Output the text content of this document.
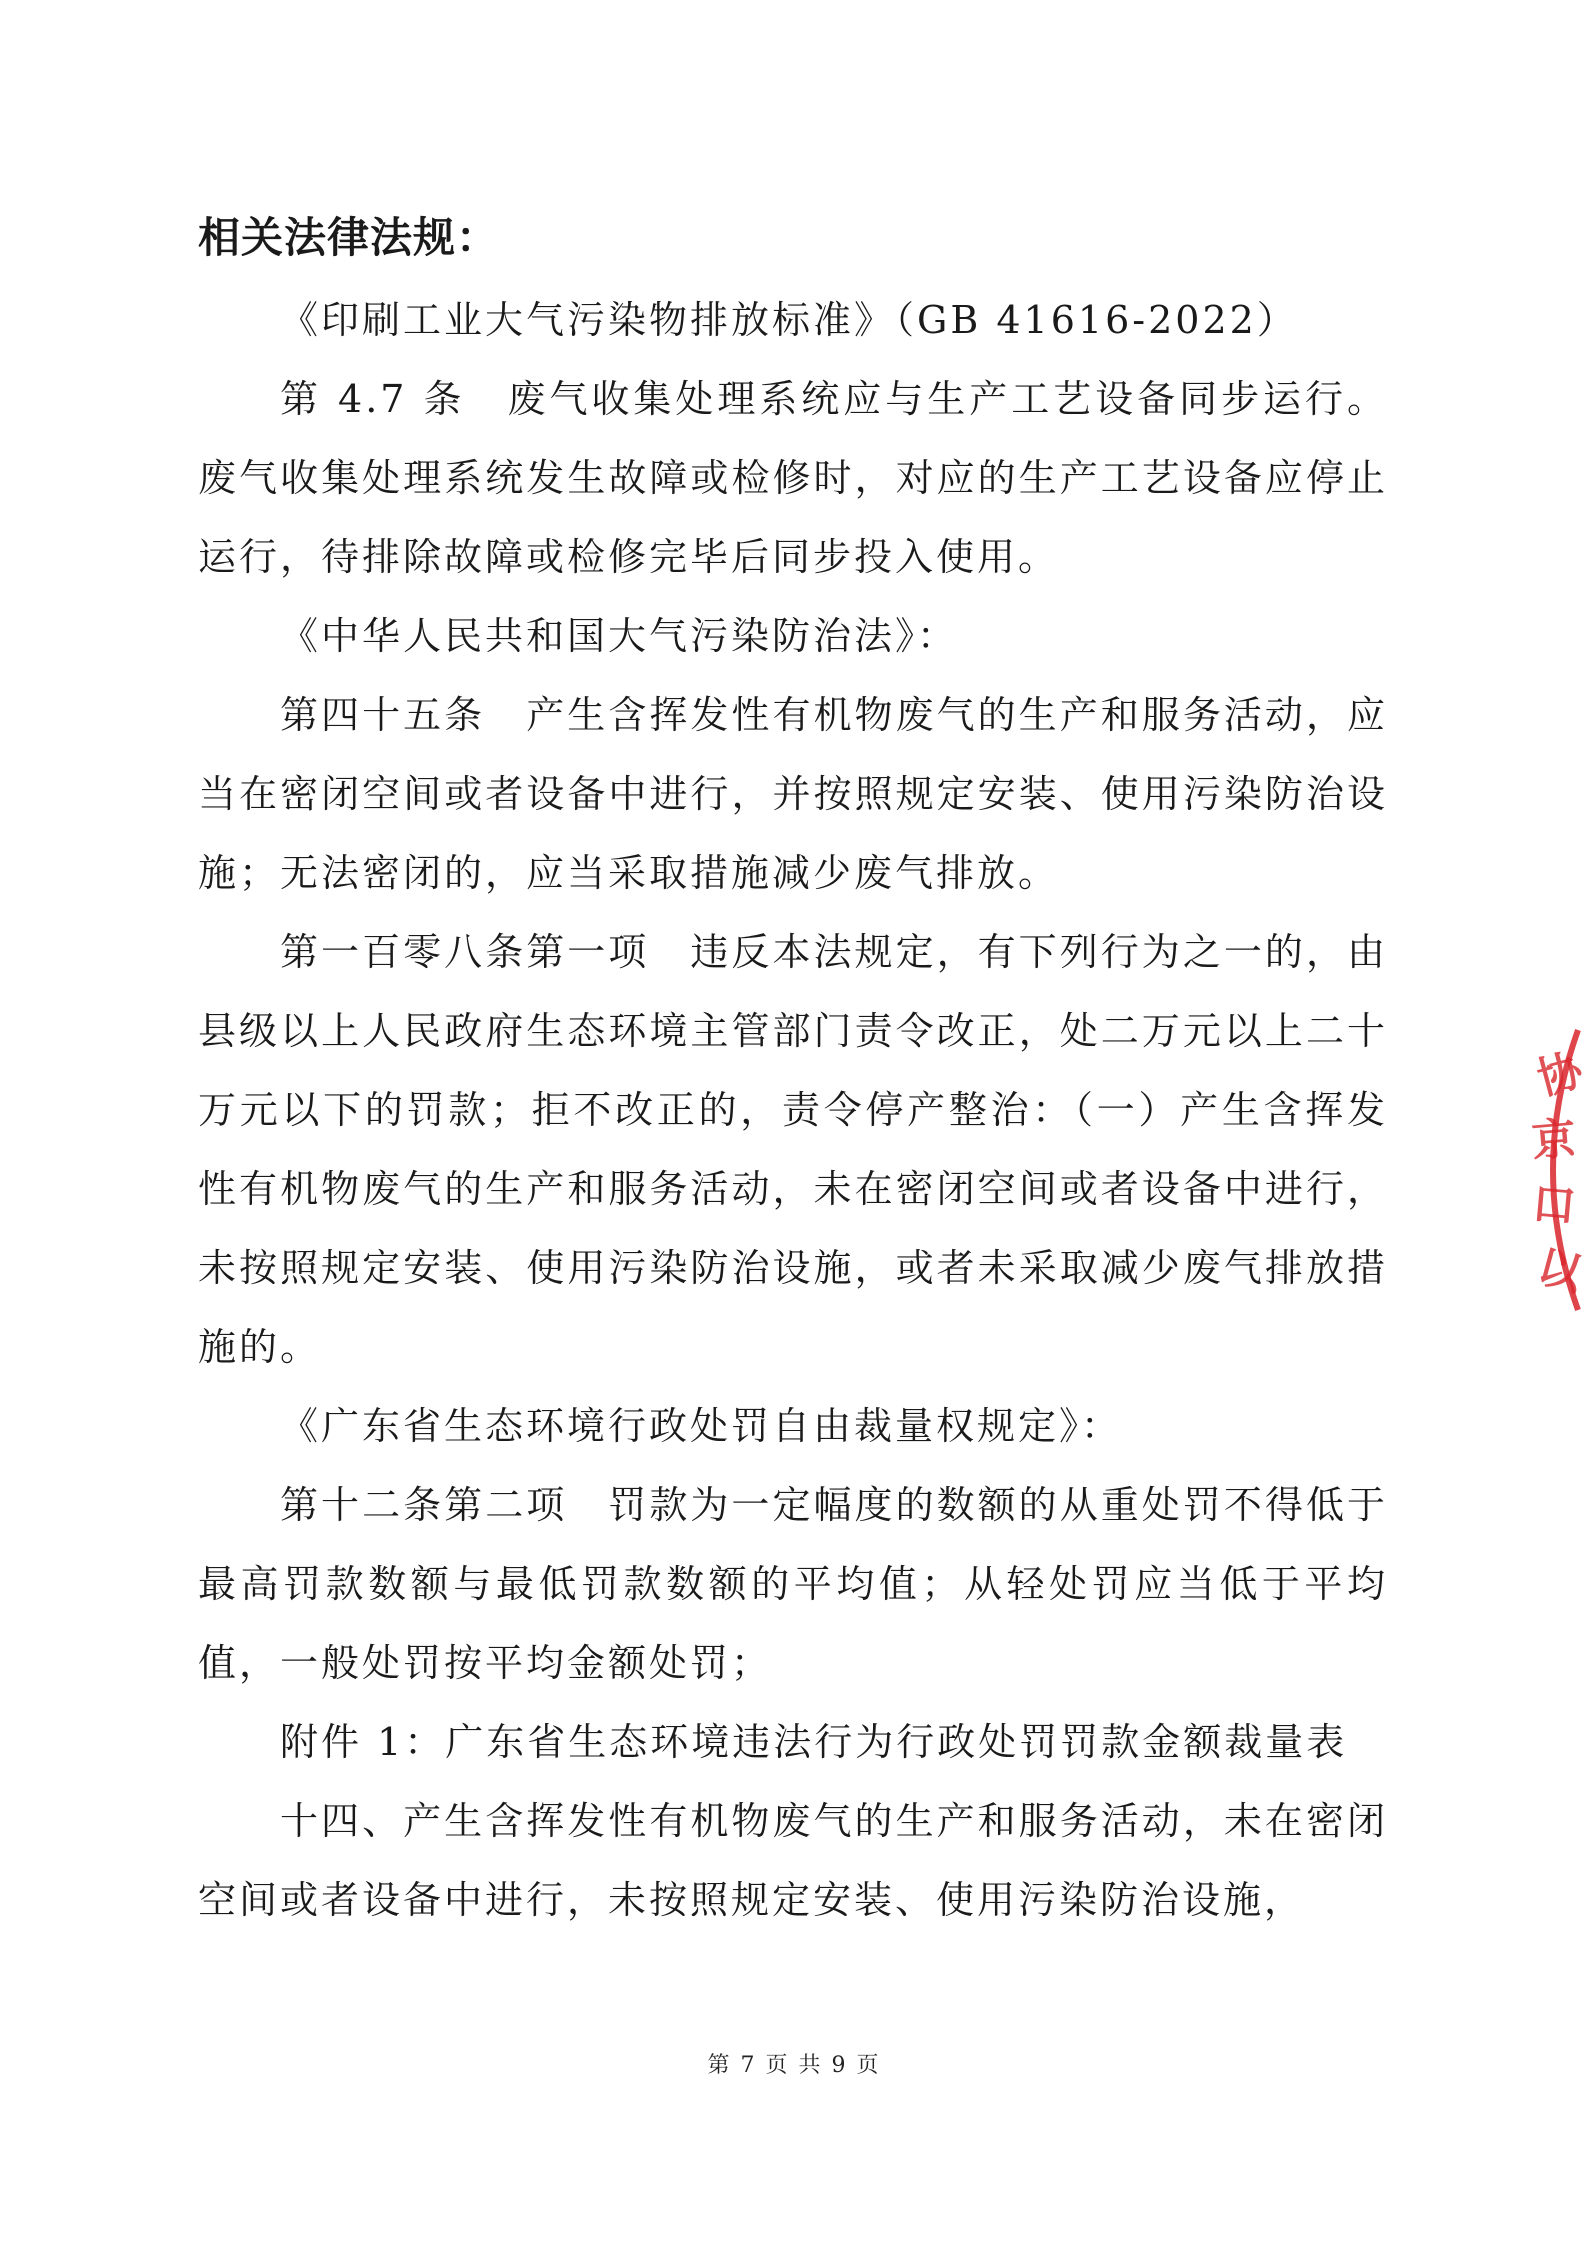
相关法律法规：

《印刷工业大气污染物排放标准》（GB 41616-2022）

第 4.7 条　废气收集处理系统应与生产工艺设备同步运行。废气收集处理系统发生故障或检修时，对应的生产工艺设备应停止运行，待排除故障或检修完毕后同步投入使用。

《中华人民共和国大气污染防治法》：

第四十五条　产生含挥发性有机物废气的生产和服务活动，应当在密闭空间或者设备中进行，并按照规定安装、使用污染防治设施；无法密闭的，应当采取措施减少废气排放。

第一百零八条第一项　违反本法规定，有下列行为之一的，由县级以上人民政府生态环境主管部门责令改正，处二万元以上二十万元以下的罚款；拒不改正的，责令停产整治：（一）产生含挥发性有机物废气的生产和服务活动，未在密闭空间或者设备中进行，未按照规定安装、使用污染防治设施，或者未采取减少废气排放措施的。

《广东省生态环境行政处罚自由裁量权规定》：

第十二条第二项　罚款为一定幅度的数额的从重处罚不得低于最高罚款数额与最低罚款数额的平均值；从轻处罚应当低于平均值，一般处罚按平均金额处罚；

附件 1：广东省生态环境违法行为行政处罚罚款金额裁量表

十四、产生含挥发性有机物废气的生产和服务活动，未在密闭空间或者设备中进行，未按照规定安装、使用污染防治设施，

协
京
口
以
第 7 页 共 9 页
